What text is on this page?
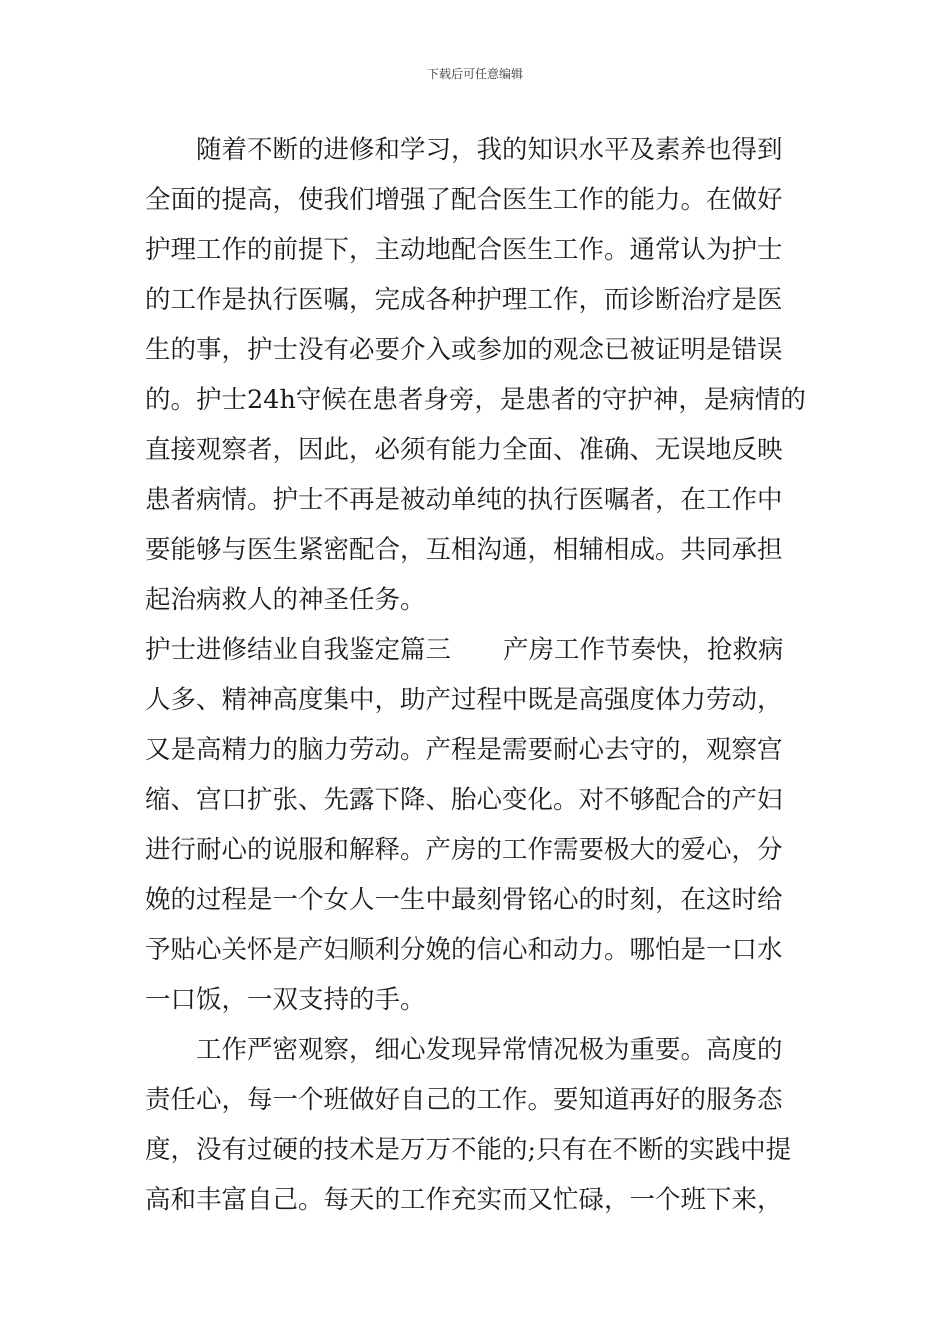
下载后可任意编辑
随着不断的进修和学习，我的知识水平及素养也得到
全面的提高，使我们增强了配合医生工作的能力。在做好
护理工作的前提下，主动地配合医生工作。通常认为护士
的工作是执行医嘱，完成各种护理工作，而诊断治疗是医
生的事，护士没有必要介入或参加的观念已被证明是错误
的。护士24h守候在患者身旁，是患者的守护神，是病情的
直接观察者，因此，必须有能力全面、准确、无误地反映
患者病情。护士不再是被动单纯的执行医嘱者，在工作中
要能够与医生紧密配合，互相沟通，相辅相成。共同承担
起治病救人的神圣任务。
护士进修结业自我鉴定篇三 产房工作节奏快，抢救病
人多、精神高度集中，助产过程中既是高强度体力劳动，
又是高精力的脑力劳动。产程是需要耐心去守的，观察宫
缩、宫口扩张、先露下降、胎心变化。对不够配合的产妇
进行耐心的说服和解释。产房的工作需要极大的爱心，分
娩的过程是一个女人一生中最刻骨铭心的时刻，在这时给
予贴心关怀是产妇顺利分娩的信心和动力。哪怕是一口水
一口饭，一双支持的手。
工作严密观察，细心发现异常情况极为重要。高度的
责任心，每一个班做好自己的工作。要知道再好的服务态
度，没有过硬的技术是万万不能的;只有在不断的实践中提
高和丰富自己。每天的工作充实而又忙碌，一个班下来，
